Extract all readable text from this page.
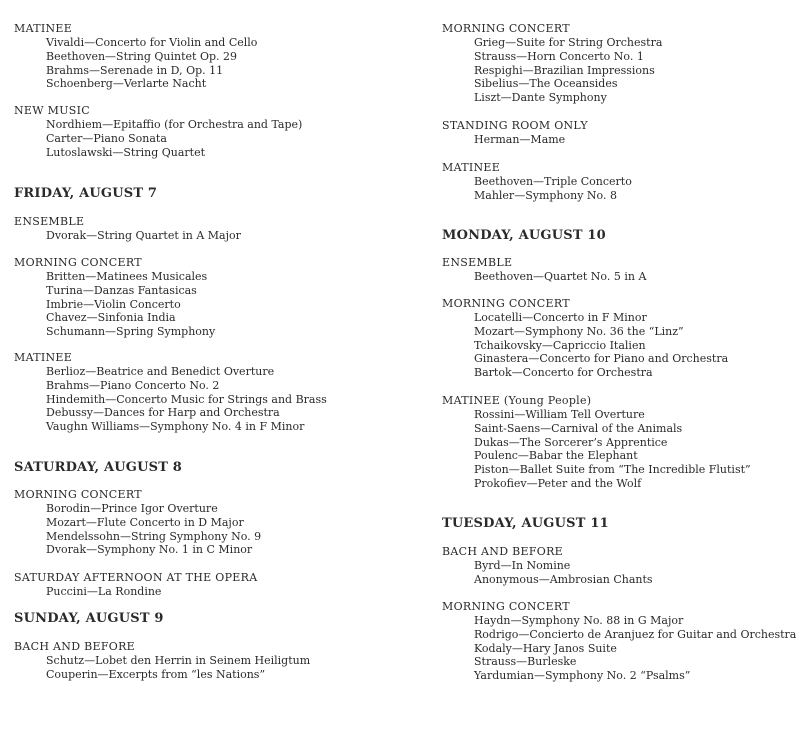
MATINEE

Vivaldi—Concerto for Violin and Cello

Beethoven—String Quintet Op. 29

Brahms—Serenade in D, Op. 11

Schoenberg—Verlarte Nacht

NEW MUSIC

Nordhiem—Epitaffio (for Orchestra and Tape)

Carter—Piano Sonata

Lutoslawski—String Quartet

FRIDAY, AUGUST 7

ENSEMBLE

Dvorak—String Quartet in A Major

MORNING CONCERT

Britten—Matinees Musicales

Turina—Danzas Fantasicas

Imbrie—Violin Concerto

Chavez—Sinfonia India

Schumann—Spring Symphony

MATINEE

Berlioz—Beatrice and Benedict Overture

Brahms—Piano Concerto No. 2

Hindemith—Concerto Music for Strings and Brass

Debussy—Dances for Harp and Orchestra

Vaughn Williams—Symphony No. 4 in F Minor

SATURDAY, AUGUST 8

MORNING CONCERT

Borodin—Prince Igor Overture

Mozart—Flute Concerto in D Major

Mendelssohn—String Symphony No. 9

Dvorak—Symphony No. 1 in C Minor

SATURDAY AFTERNOON AT THE OPERA

Puccini—La Rondine

SUNDAY, AUGUST 9

BACH AND BEFORE

Schutz—Lobet den Herrin in Seinem Heiligtum

Couperin—Excerpts from “les Nations”

MORNING CONCERT

Grieg—Suite for String Orchestra

Strauss—Horn Concerto No. 1

Respighi—Brazilian Impressions

Sibelius—The Oceansides

Liszt—Dante Symphony

STANDING ROOM ONLY

Herman—Mame

MATINEE

Beethoven—Triple Concerto

Mahler—Symphony No. 8

MONDAY, AUGUST 10

ENSEMBLE

Beethoven—Quartet No. 5 in A

MORNING CONCERT

Locatelli—Concerto in F Minor

Mozart—Symphony No. 36 the “Linz”

Tchaikovsky—Capriccio Italien

Ginastera—Concerto for Piano and Orchestra

Bartok—Concerto for Orchestra

MATINEE (Young People)

Rossini—William Tell Overture

Saint-Saens—Carnival of the Animals

Dukas—The Sorcerer’s Apprentice

Poulenc—Babar the Elephant

Piston—Ballet Suite from “The Incredible Flutist”

Prokofiev—Peter and the Wolf

TUESDAY, AUGUST 11

BACH AND BEFORE

Byrd—In Nomine

Anonymous—Ambrosian Chants

MORNING CONCERT

Haydn—Symphony No. 88 in G Major

Rodrigo—Concierto de Aranjuez for Guitar and Orchestra

Kodaly—Hary Janos Suite

Strauss—Burleske

Yardumian—Symphony No. 2 “Psalms”
